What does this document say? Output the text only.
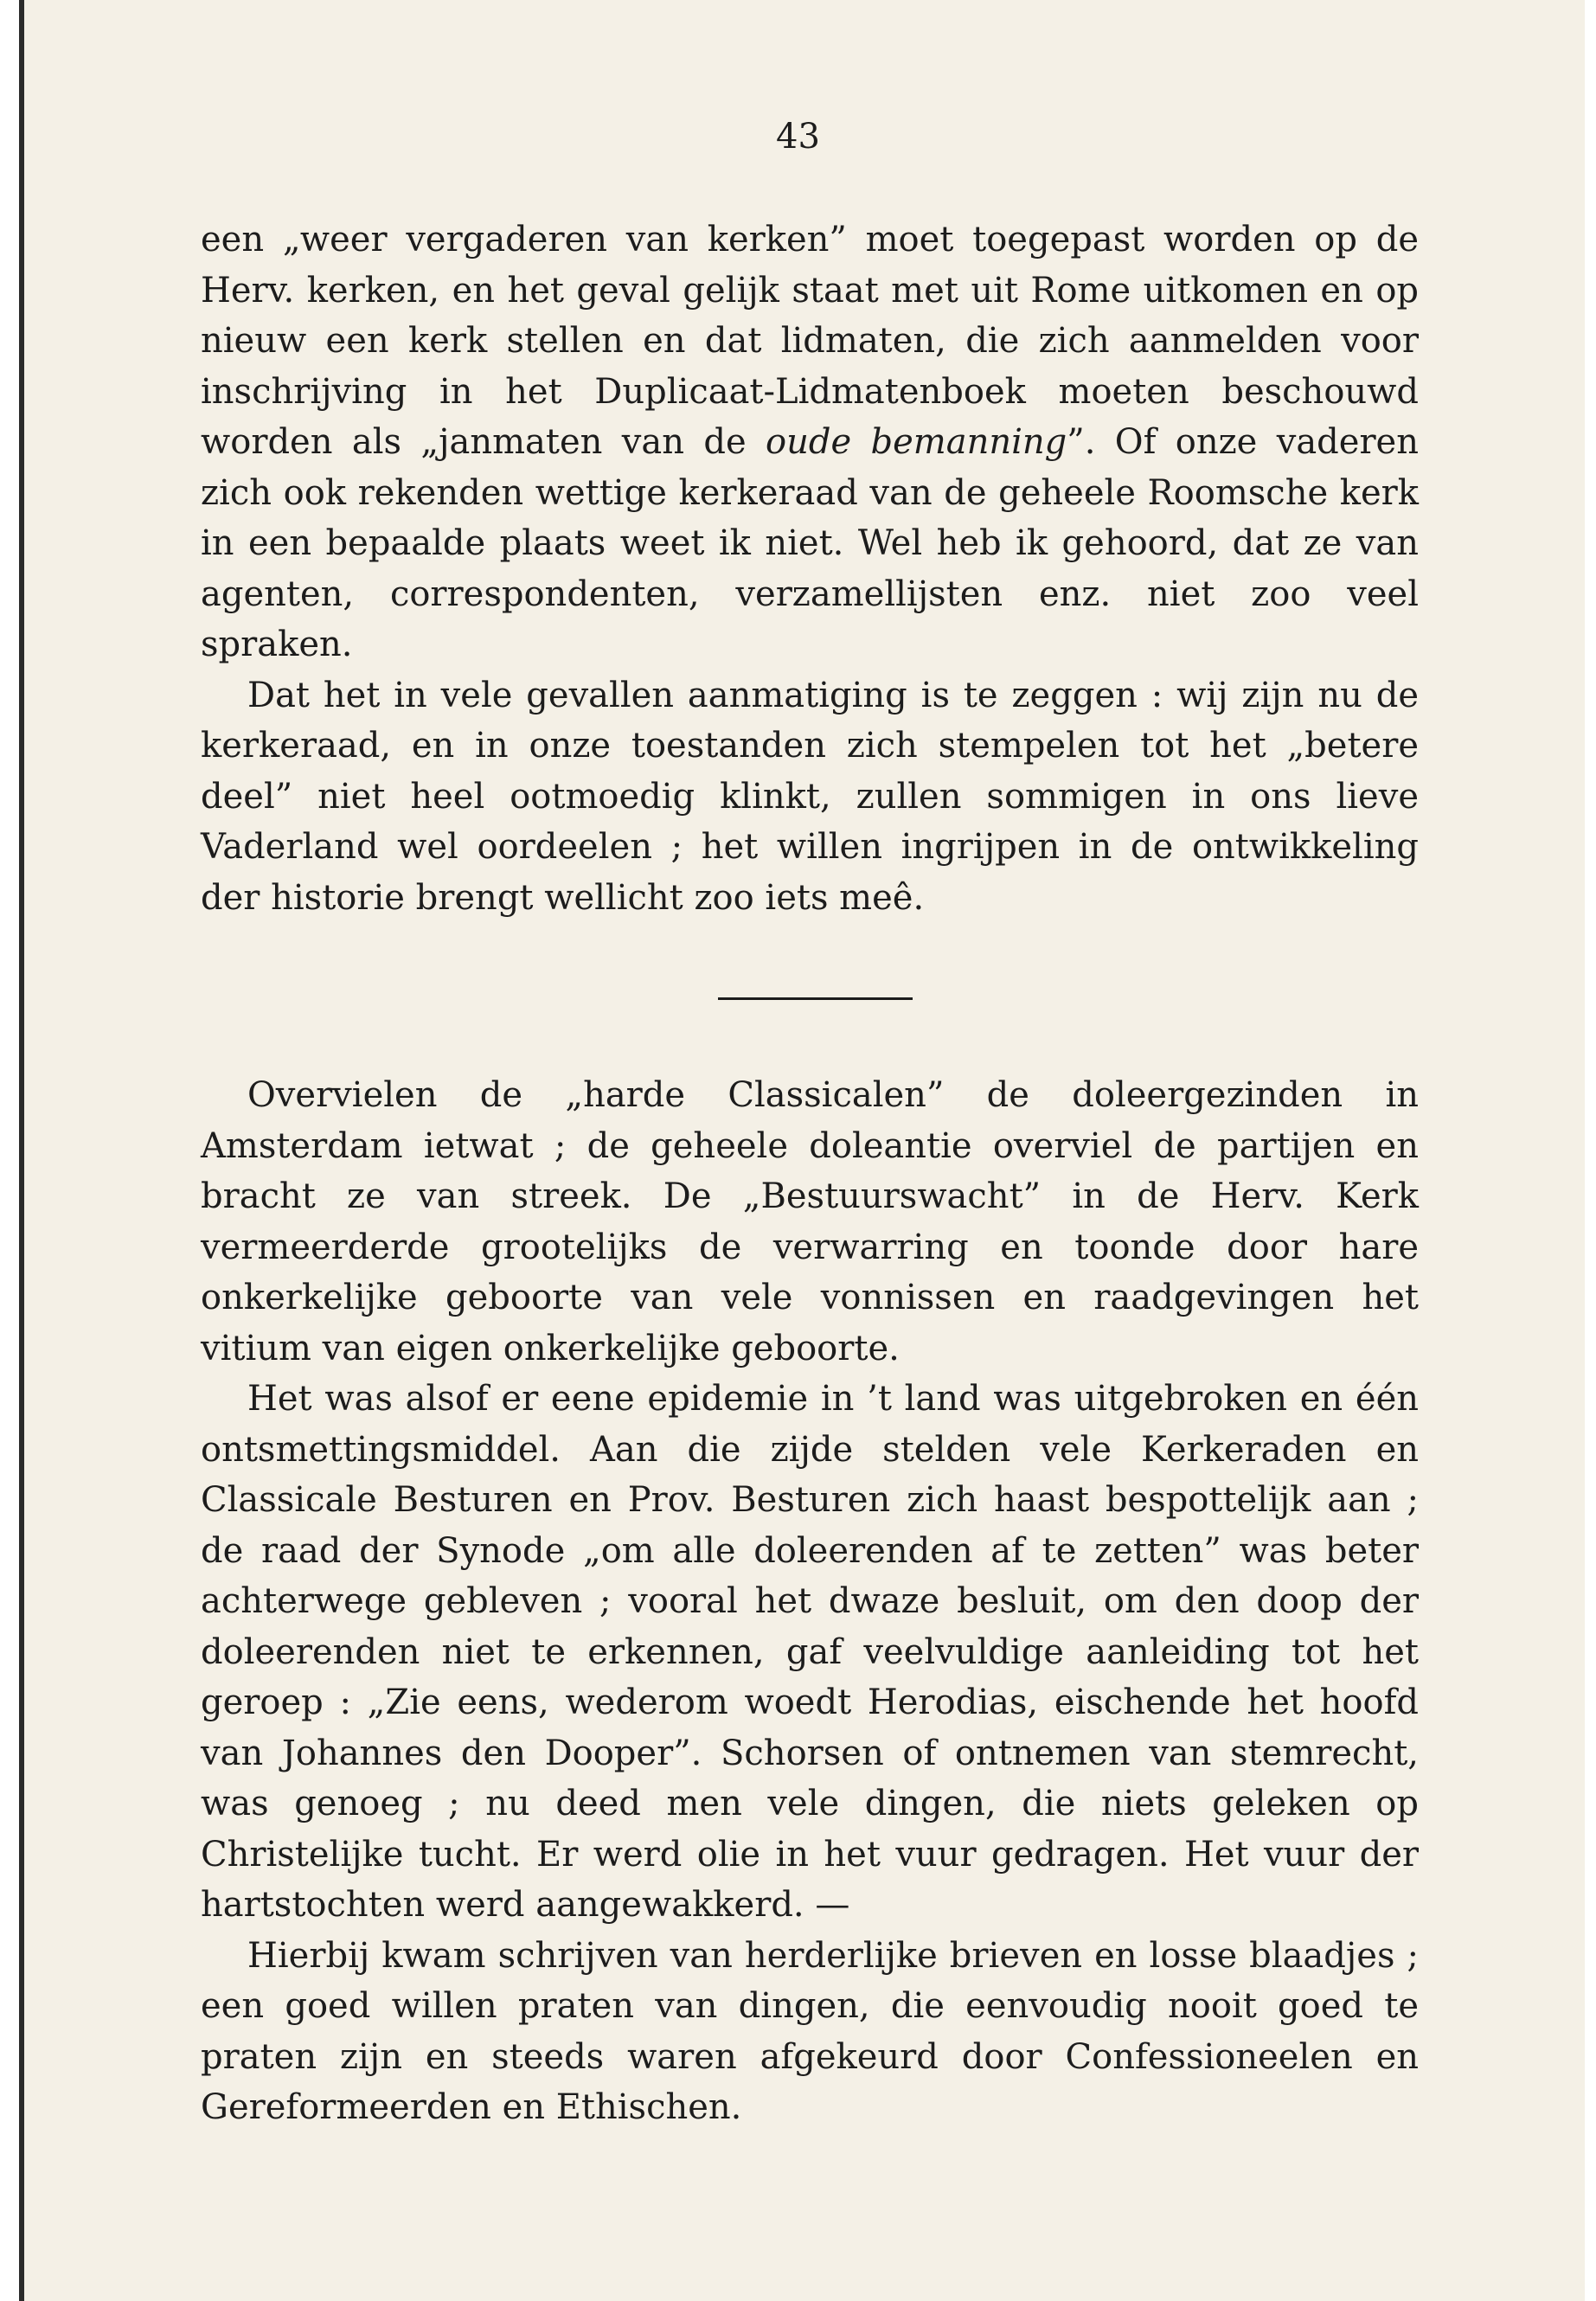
43

een „weer vergaderen van kerken” moet toegepast worden op de Herv. kerken, en het geval gelijk staat met uit Rome uitkomen en op nieuw een kerk stellen en dat lidmaten, die zich aanmelden voor inschrijving in het Duplicaat-Lidmatenboek moeten beschouwd worden als „janmaten van de oude bemanning”. Of onze vaderen zich ook rekenden wettige kerkeraad van de geheele Roomsche kerk in een bepaalde plaats weet ik niet. Wel heb ik gehoord, dat ze van agenten, correspondenten, verzamellijsten enz. niet zoo veel spraken.

Dat het in vele gevallen aanmatiging is te zeggen : wij zijn nu de kerkeraad, en in onze toestanden zich stempelen tot het „betere deel” niet heel ootmoedig klinkt, zullen sommigen in ons lieve Vaderland wel oordeelen ; het willen ingrijpen in de ontwikkeling der historie brengt wellicht zoo iets meê.

Overvielen de „harde Classicalen” de doleergezinden in Amsterdam ietwat ; de geheele doleantie overviel de partijen en bracht ze van streek. De „Bestuurswacht” in de Herv. Kerk vermeerderde grootelijks de verwarring en toonde door hare onkerkelijke geboorte van vele vonnissen en raadgevingen het vitium van eigen onkerkelijke geboorte.

Het was alsof er eene epidemie in ’t land was uitgebroken en één ontsmettingsmiddel. Aan die zijde stelden vele Kerkeraden en Classicale Besturen en Prov. Besturen zich haast bespottelijk aan ; de raad der Synode „om alle doleerenden af te zetten” was beter achterwege gebleven ; vooral het dwaze besluit, om den doop der doleerenden niet te erkennen, gaf veelvuldige aanleiding tot het geroep : „Zie eens, wederom woedt Herodias, eischende het hoofd van Johannes den Dooper”. Schorsen of ontnemen van stemrecht, was genoeg ; nu deed men vele dingen, die niets geleken op Christelijke tucht. Er werd olie in het vuur gedragen. Het vuur der hartstochten werd aangewakkerd. —

Hierbij kwam schrijven van herderlijke brieven en losse blaadjes ; een goed willen praten van dingen, die eenvoudig nooit goed te praten zijn en steeds waren afgekeurd door Confessioneelen en Gereformeerden en Ethischen.
